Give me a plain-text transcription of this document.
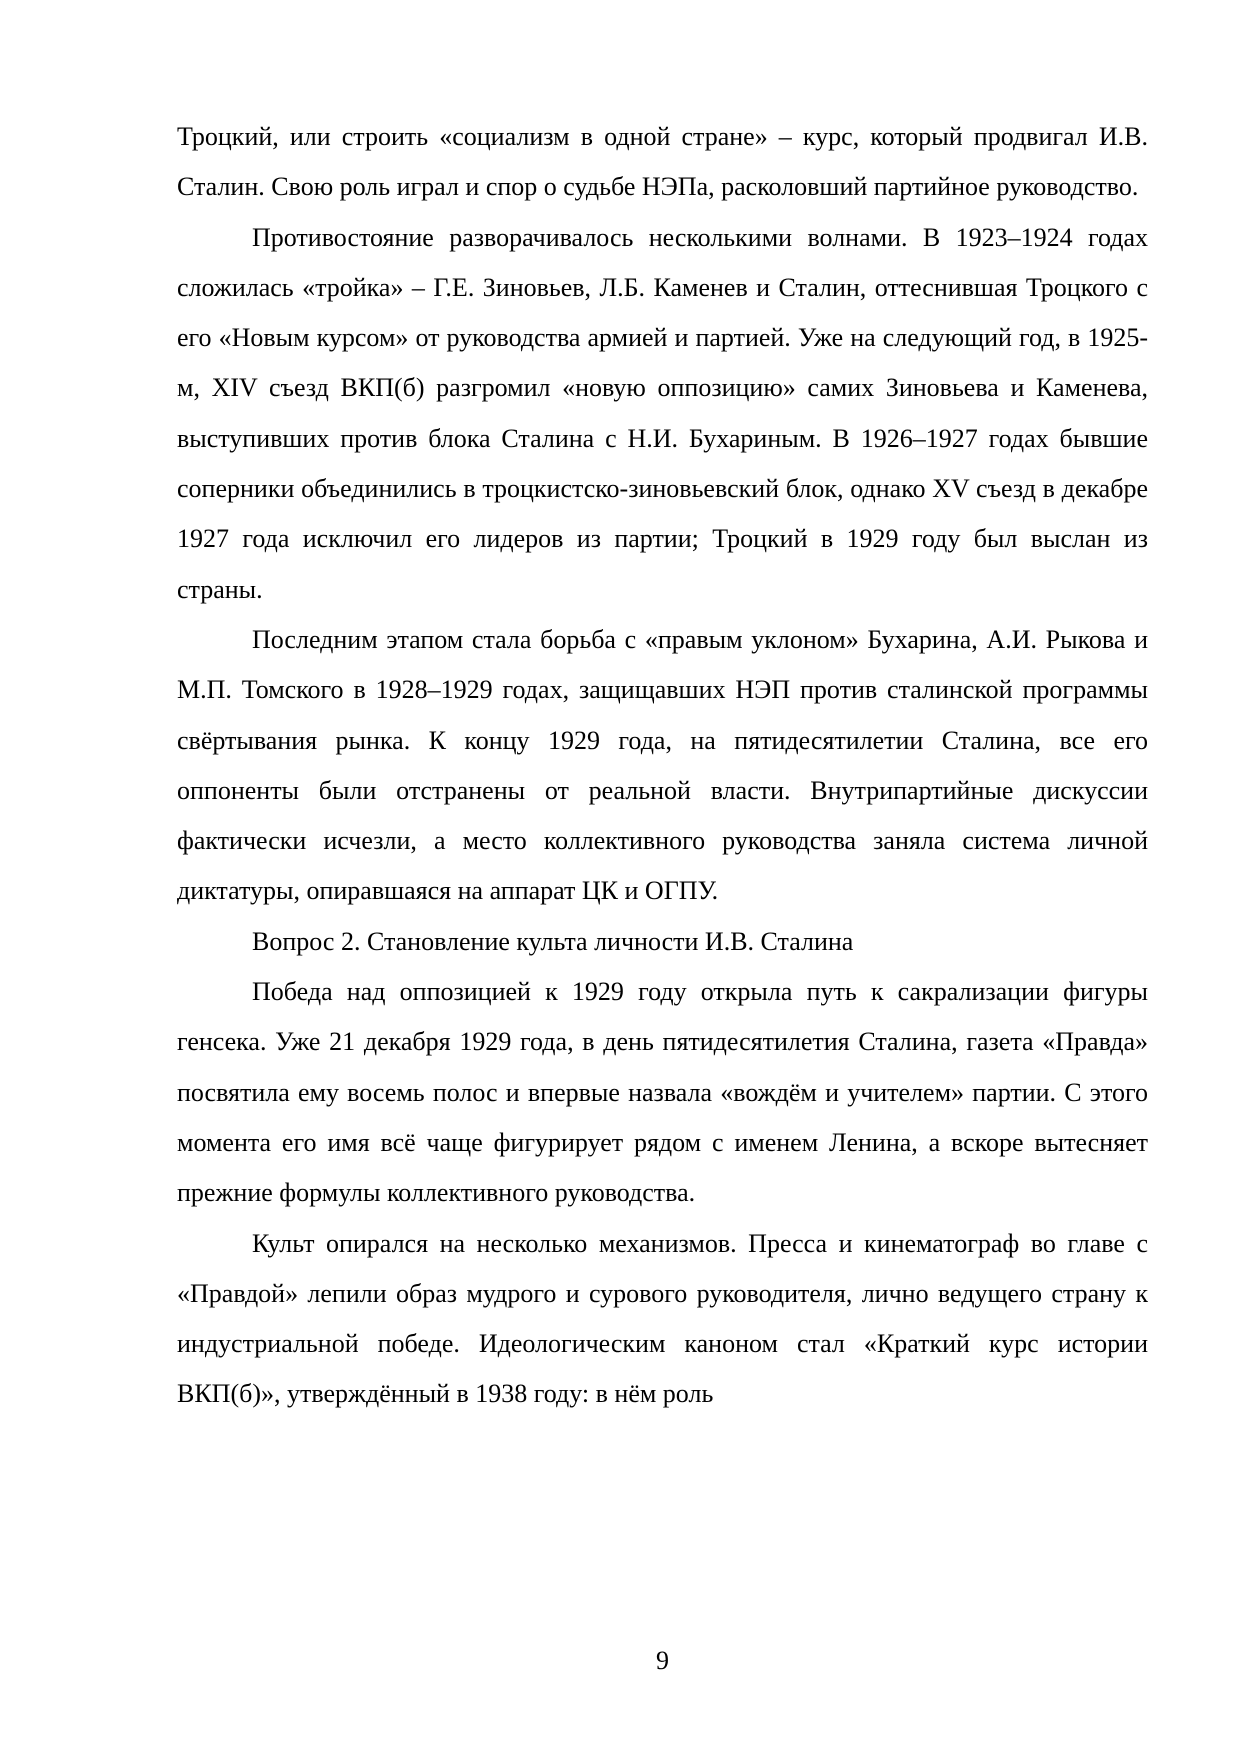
Троцкий, или строить «социализм в одной стране» – курс, который продвигал И.В. Сталин. Свою роль играл и спор о судьбе НЭПа, расколовший партийное руководство.

Противостояние разворачивалось несколькими волнами. В 1923–1924 годах сложилась «тройка» – Г.Е. Зиновьев, Л.Б. Каменев и Сталин, оттеснившая Троцкого с его «Новым курсом» от руководства армией и партией. Уже на следующий год, в 1925-м, XIV съезд ВКП(б) разгромил «новую оппозицию» самих Зиновьева и Каменева, выступивших против блока Сталина с Н.И. Бухариным. В 1926–1927 годах бывшие соперники объединились в троцкистско-зиновьевский блок, однако XV съезд в декабре 1927 года исключил его лидеров из партии; Троцкий в 1929 году был выслан из страны.

Последним этапом стала борьба с «правым уклоном» Бухарина, А.И. Рыкова и М.П. Томского в 1928–1929 годах, защищавших НЭП против сталинской программы свёртывания рынка. К концу 1929 года, на пятидесятилетии Сталина, все его оппоненты были отстранены от реальной власти. Внутрипартийные дискуссии фактически исчезли, а место коллективного руководства заняла система личной диктатуры, опиравшаяся на аппарат ЦК и ОГПУ.

Вопрос 2. Становление культа личности И.В. Сталина

Победа над оппозицией к 1929 году открыла путь к сакрализации фигуры генсека. Уже 21 декабря 1929 года, в день пятидесятилетия Сталина, газета «Правда» посвятила ему восемь полос и впервые назвала «вождём и учителем» партии. С этого момента его имя всё чаще фигурирует рядом с именем Ленина, а вскоре вытесняет прежние формулы коллективного руководства.

Культ опирался на несколько механизмов. Пресса и кинематограф во главе с «Правдой» лепили образ мудрого и сурового руководителя, лично ведущего страну к индустриальной победе. Идеологическим каноном стал «Краткий курс истории ВКП(б)», утверждённый в 1938 году: в нём роль

9
